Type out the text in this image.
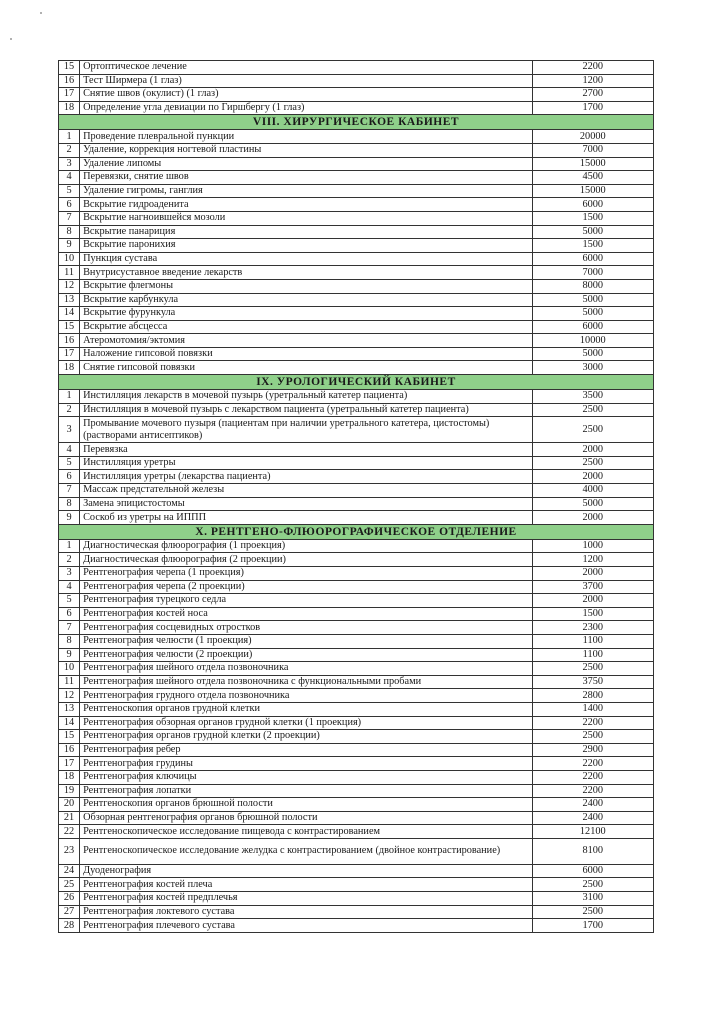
15	Ортоптическое лечение	2200
16	Тест Ширмера (1 глаз)	1200
17	Снятие швов (окулист) (1 глаз)	2700
18	Определение угла девиации по Гиршбергу (1 глаз)	1700
VIII. ХИРУРГИЧЕСКОЕ КАБИНЕТ		
1	Проведение плевральной пункции	20000
2	Удаление, коррекция ногтевой пластины	7000
3	Удаление липомы	15000
4	Перевязки, снятие швов	4500
5	Удаление гигромы, ганглия	15000
6	Вскрытие гидроаденита	6000
7	Вскрытие нагноившейся мозоли	1500
8	Вскрытие панариция	5000
9	Вскрытие паронихия	1500
10	Пункция сустава	6000
11	Внутрисуставное введение лекарств	7000
12	Вскрытие флегмоны	8000
13	Вскрытие карбункула	5000
14	Вскрытие фурункула	5000
15	Вскрытие абсцесса	6000
16	Атеромотомия/эктомия	10000
17	Наложение гипсовой повязки	5000
18	Снятие гипсовой повязки	3000
IX. УРОЛОГИЧЕСКИЙ КАБИНЕТ		
1	Инстилляция лекарств в мочевой пузырь (уретральный катетер пациента)	3500
2	Инстилляция в мочевой пузырь с лекарством пациента (уретральный катетер пациента)	2500
3	Промывание мочевого пузыря (пациентам при наличии уретрального катетера, цистостомы) (растворами антисептиков)	2500
4	Перевязка	2000
5	Инстилляция уретры	2500
6	Инстилляция уретры (лекарства пациента)	2000
7	Массаж предстательной железы	4000
8	Замена эпицистостомы	5000
9	Соскоб из уретры на ИППП	2000
X. РЕНТГЕНО-ФЛЮОРОГРАФИЧЕСКОЕ ОТДЕЛЕНИЕ		
1	Диагностическая флюорография (1 проекция)	1000
2	Диагностическая флюорография (2 проекции)	1200
3	Рентгенография черепа (1 проекция)	2000
4	Рентгенография черепа (2 проекции)	3700
5	Рентгенография турецкого седла	2000
6	Рентгенография костей носа	1500
7	Рентгенография сосцевидных отростков	2300
8	Рентгенография челюсти (1 проекция)	1100
9	Рентгенография челюсти (2 проекции)	1100
10	Рентгенография шейного отдела позвоночника	2500
11	Рентгенография шейного отдела позвоночника с функциональными пробами	3750
12	Рентгенография грудного отдела позвоночника	2800
13	Рентгеноскопия органов грудной клетки	1400
14	Рентгенография обзорная органов грудной клетки (1 проекция)	2200
15	Рентгенография органов грудной клетки (2 проекции)	2500
16	Рентгенография ребер	2900
17	Рентгенография грудины	2200
18	Рентгенография ключицы	2200
19	Рентгенография лопатки	2200
20	Рентгеноскопия органов брюшной полости	2400
21	Обзорная рентгенография органов брюшной полости	2400
22	Рентгеноскопическое исследование пищевода с контрастированием	12100
23	Рентгеноскопическое исследование желудка с контрастированием (двойное контрастирование)	8100
24	Дуоденография	6000
25	Рентгенография костей плеча	2500
26	Рентгенография костей предплечья	3100
27	Рентгенография локтевого сустава	2500
28	Рентгенография плечевого сустава	1700
